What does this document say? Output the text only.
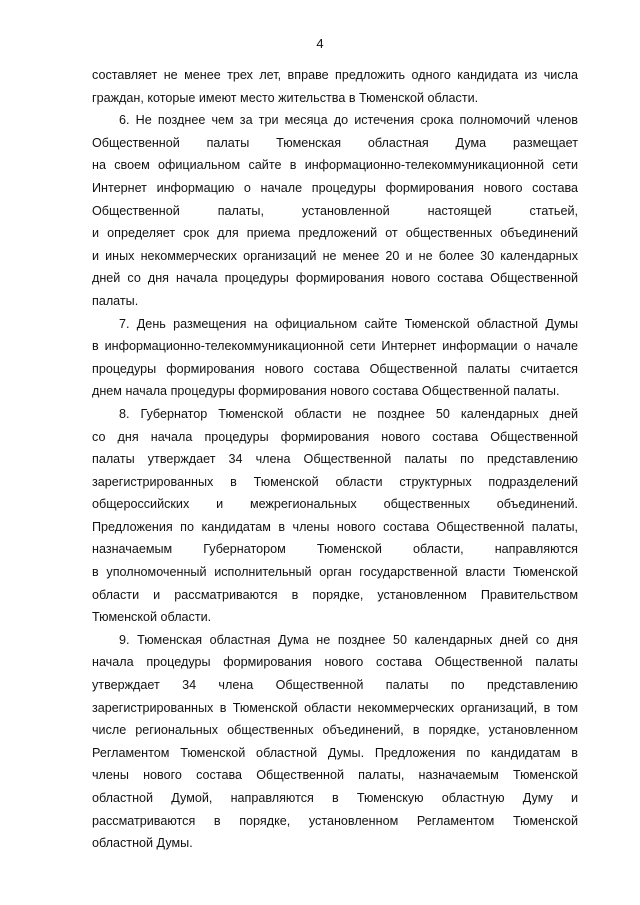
4

составляет не менее трех лет, вправе предложить одного кандидата из числа
граждан, которые имеют место жительства в Тюменской области.

6. Не позднее чем за три месяца до истечения срока полномочий членов
Общественной палаты Тюменская областная Дума размещает
на своем официальном сайте в информационно-телекоммуникационной сети
Интернет информацию о начале процедуры формирования нового состава
Общественной палаты, установленной настоящей статьей,
и определяет срок для приема предложений от общественных объединений
и иных некоммерческих организаций не менее 20 и не более 30 календарных
дней со дня начала процедуры формирования нового состава Общественной
палаты.

7. День размещения на официальном сайте Тюменской областной Думы
в информационно-телекоммуникационной сети Интернет информации о начале
процедуры формирования нового состава Общественной палаты считается
днем начала процедуры формирования нового состава Общественной палаты.

8. Губернатор Тюменской области не позднее 50 календарных дней
со дня начала процедуры формирования нового состава Общественной
палаты утверждает 34 члена Общественной палаты по представлению
зарегистрированных в Тюменской области структурных подразделений
общероссийских и межрегиональных общественных объединений.
Предложения по кандидатам в члены нового состава Общественной палаты,
назначаемым Губернатором Тюменской области, направляются
в уполномоченный исполнительный орган государственной власти Тюменской
области и рассматриваются в порядке, установленном Правительством
Тюменской области.

9. Тюменская областная Дума не позднее 50 календарных дней со дня
начала процедуры формирования нового состава Общественной палаты
утверждает 34 члена Общественной палаты по представлению
зарегистрированных в Тюменской области некоммерческих организаций, в том
числе региональных общественных объединений, в порядке, установленном
Регламентом Тюменской областной Думы. Предложения по кандидатам в
члены нового состава Общественной палаты, назначаемым Тюменской
областной Думой, направляются в Тюменскую областную Думу и
рассматриваются в порядке, установленном Регламентом Тюменской
областной Думы.
